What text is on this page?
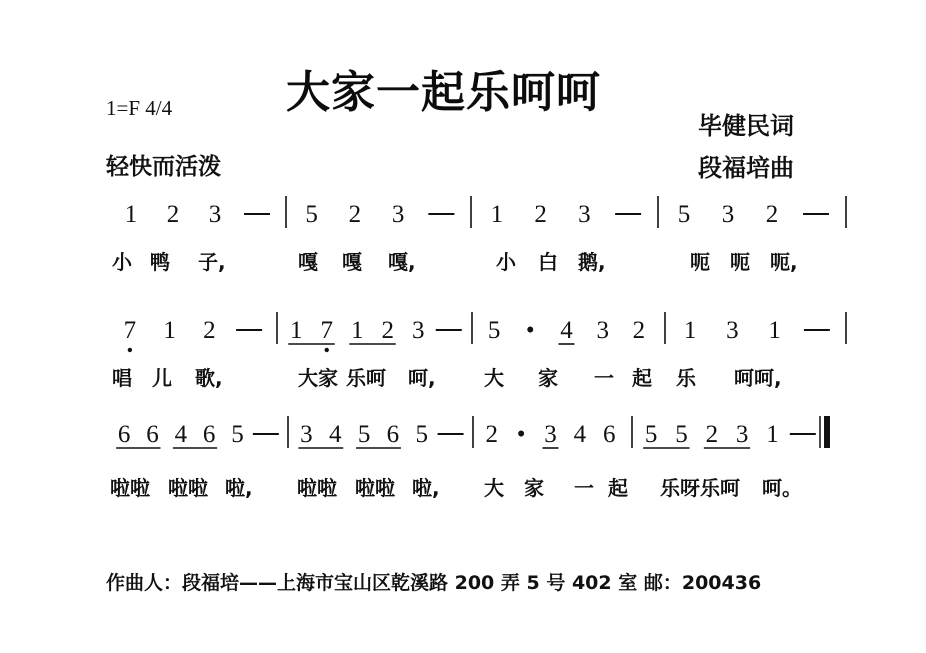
大家一起乐呵呵
1=F 4/4
轻快而活泼
毕健民词
段福培曲
1 2 3	5 2 3	1 2 3	5 3 2
7 1 2	1 7 1 2 3	5 • 4 3 2 1 3 1
6 6 4 6 5 3 4 5 6 5 2 • 3 4 6 5 5 2 3 1
小 鸭 子,	嘎 嘎 嘎,	小 白 鹅,	呃 呃 呃,
唱 儿 歌,	大家 乐呵 呵, 大 家 一 起 乐 呵呵,
啦啦 啦啦 啦, 啦啦 啦啦 啦, 大 家 一 起 乐呀乐呵 呵。
作曲人：段福培——上海市宝山区乾溪路 200 弄 5 号 402 室 邮：200436
